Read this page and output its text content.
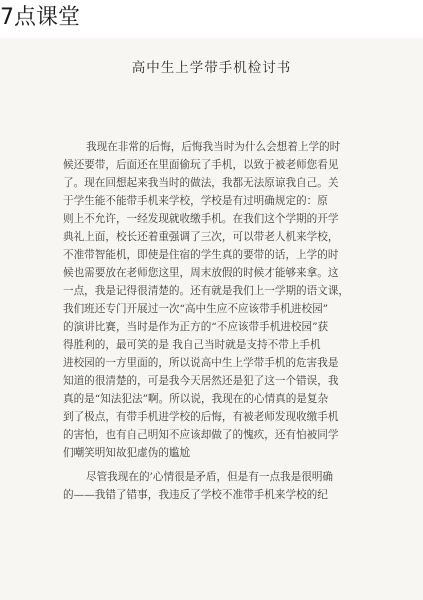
7点课堂
高中生上学带手机检讨书
我现在非常的后悔，后悔我当时为什么会想着上学的时
候还要带，后面还在里面偷玩了手机，以致于被老师您看见
了。现在回想起来我当时的做法，我都无法原谅我自己。关
于学生能不能带手机来学校，学校是有过明确规定的：原
则上不允许，一经发现就收缴手机。在我们这个学期的开学
典礼上面，校长还着重强调了三次，可以带老人机来学校，
不准带智能机，即使是住宿的学生真的要带的话，上学的时
候也需要放在老师您这里，周末放假的时候才能够来拿。这
一点，我是记得很清楚的。还有就是我们上一学期的语文课，
我们班还专门开展过一次“高中生应不应该带手机进校园”
的演讲比赛，当时是作为正方的“不应该带手机进校园”获
得胜利的，最可笑的是 我自己当时就是支持不带上手机
进校园的一方里面的，所以说高中生上学带手机的危害我是
知道的很清楚的，可是我今天居然还是犯了这一个错误，我
真的是“知法犯法”啊。所以说，我现在的心情真的是复杂
到了极点，有带手机进学校的后悔，有被老师发现收缴手机
的害怕，也有自己明知不应该却做了的愧疚，还有怕被同学
们嘲笑明知故犯虚伪的尴尬
尽管我现在的’心情很是矛盾，但是有一点我是很明确
的——我错了错事，我违反了学校不准带手机来学校的纪
